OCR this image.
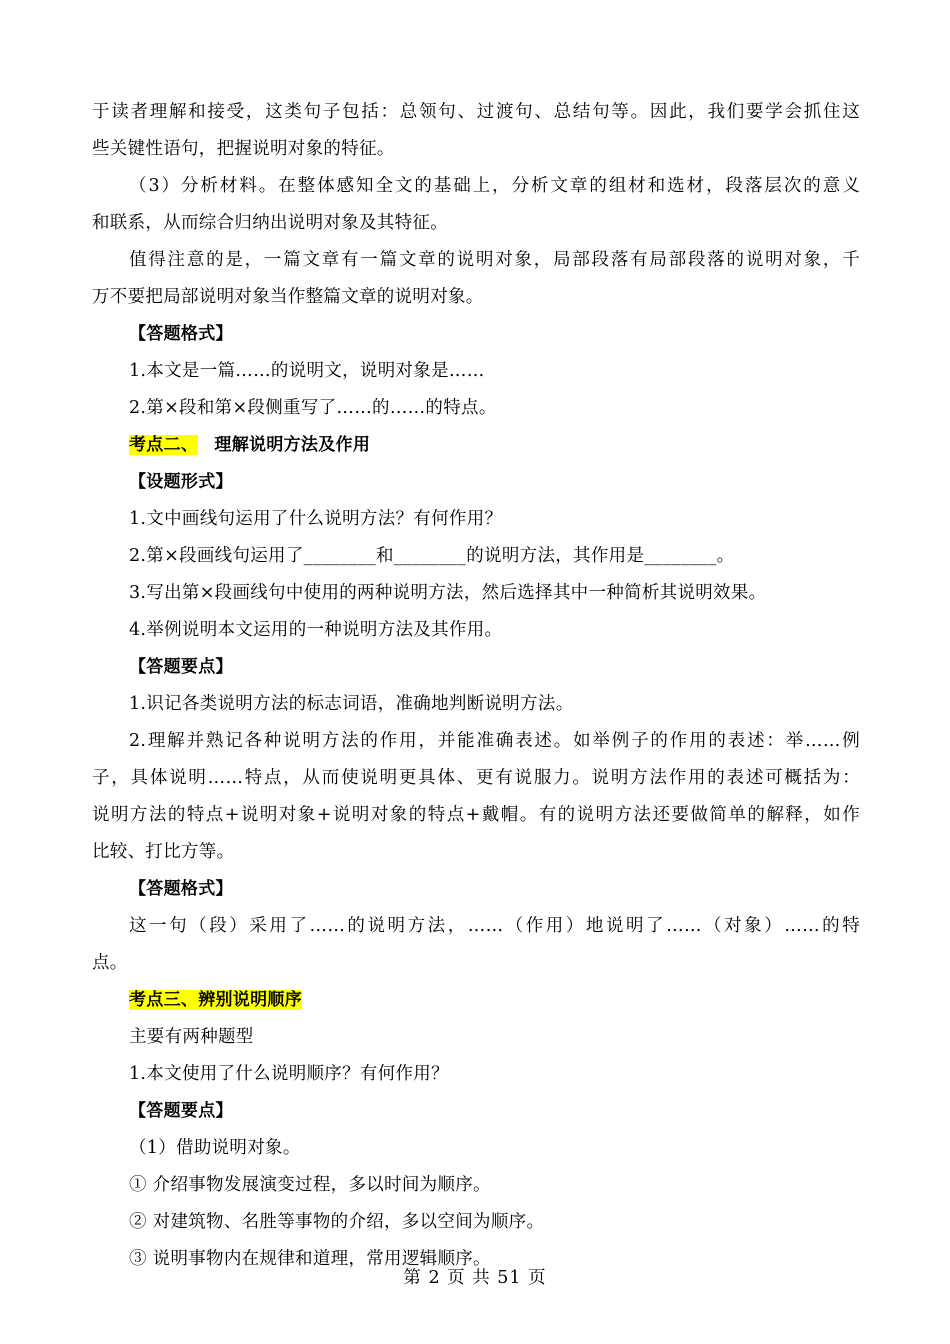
于读者理解和接受，这类句子包括：总领句、过渡句、总结句等。因此，我们要学会抓住这
些关键性语句，把握说明对象的特征。
（3）分析材料。在整体感知全文的基础上，分析文章的组材和选材，段落层次的意义
和联系，从而综合归纳出说明对象及其特征。
值得注意的是，一篇文章有一篇文章的说明对象，局部段落有局部段落的说明对象，千
万不要把局部说明对象当作整篇文章的说明对象。
【答题格式】
1.本文是一篇……的说明文，说明对象是……
2.第×段和第×段侧重写了……的……的特点。
考点二、 理解说明方法及作用
【设题形式】
1.文中画线句运用了什么说明方法？有何作用？
2.第×段画线句运用了________和________的说明方法，其作用是________。
3.写出第×段画线句中使用的两种说明方法，然后选择其中一种简析其说明效果。
4.举例说明本文运用的一种说明方法及其作用。
【答题要点】
1.识记各类说明方法的标志词语，准确地判断说明方法。
2.理解并熟记各种说明方法的作用，并能准确表述。如举例子的作用的表述：举……例
子，具体说明……特点，从而使说明更具体、更有说服力。说明方法作用的表述可概括为：
说明方法的特点+说明对象+说明对象的特点+戴帽。有的说明方法还要做简单的解释，如作
比较、打比方等。
【答题格式】
这一句（段）采用了……的说明方法，……（作用）地说明了……（对象）……的特
点。
考点三、辨别说明顺序
主要有两种题型
1.本文使用了什么说明顺序？有何作用？
【答题要点】
（1）借助说明对象。
① 介绍事物发展演变过程，多以时间为顺序。
② 对建筑物、名胜等事物的介绍，多以空间为顺序。
③ 说明事物内在规律和道理，常用逻辑顺序。
第 2 页 共 51 页
